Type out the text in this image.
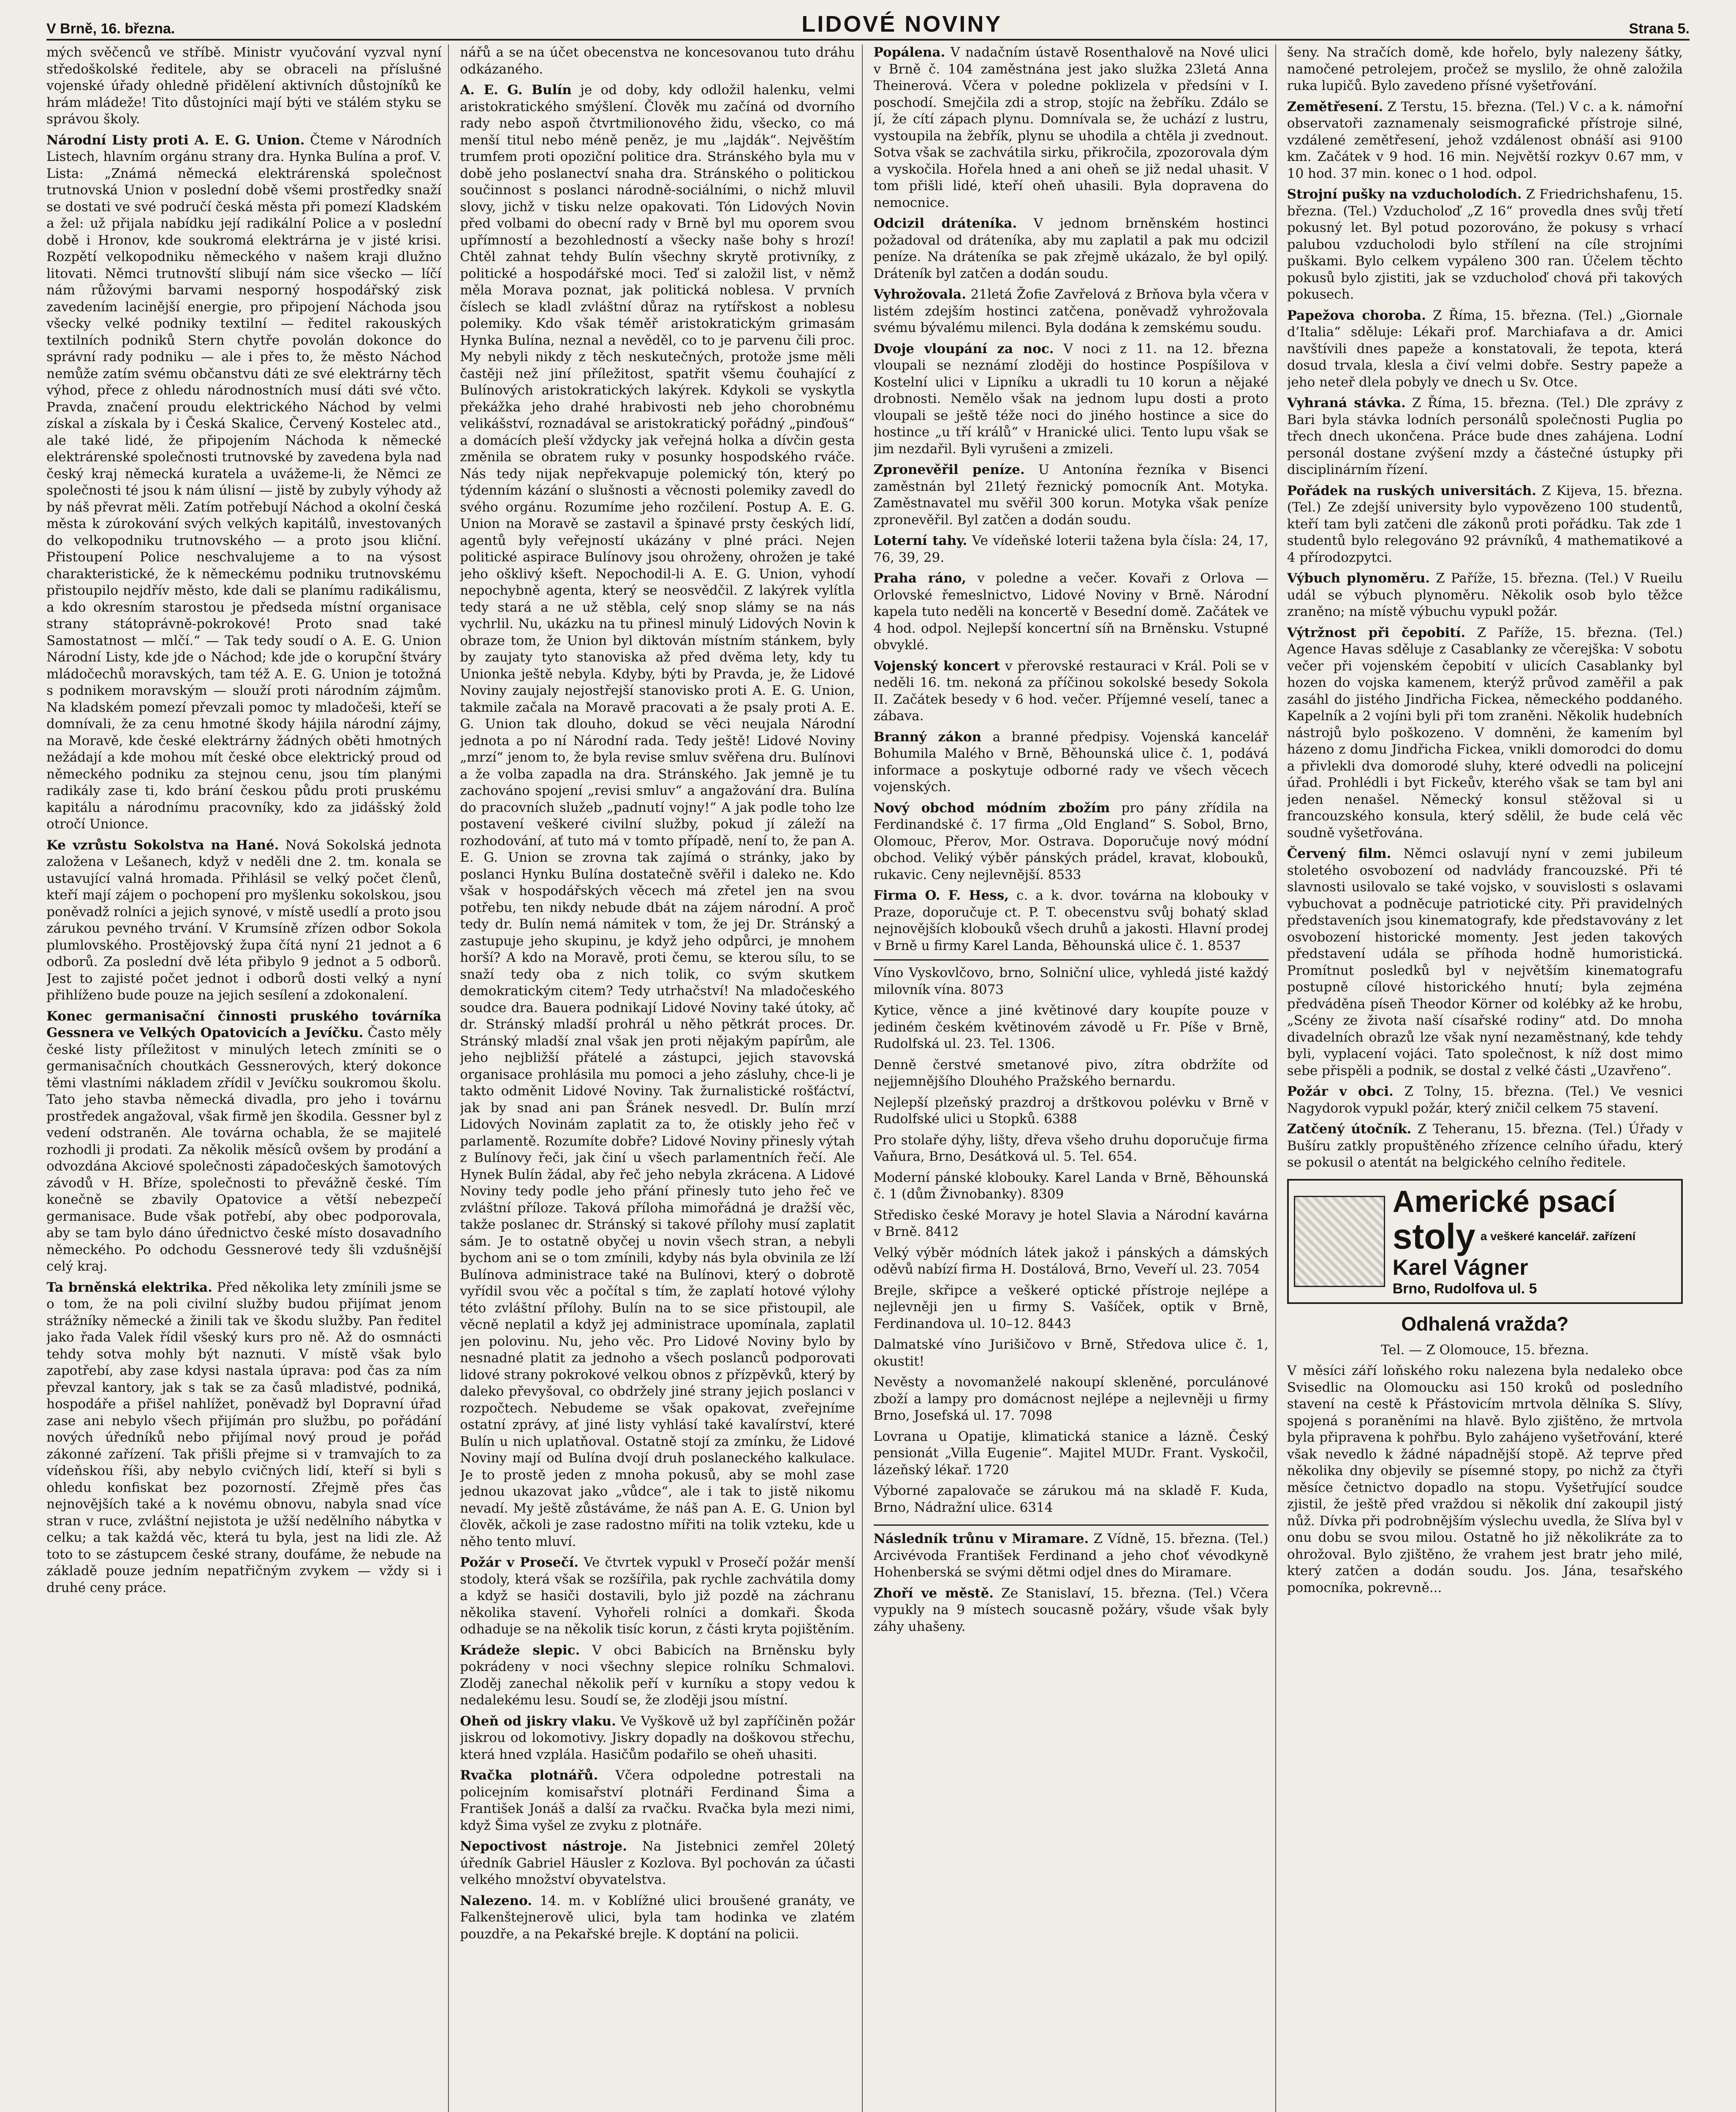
V Brně, 16. března.	LIDOVÉ NOVINY	Strana 5.

mých svěčenců ve stříbě. Ministr vyučování vyzval nyní středoškolské ředitele, aby se obraceli na příslušné vojenské úřady ohledně přidělení aktivních důstojníků ke hrám mládeže! Tito důstojníci mají býti ve stálém styku se správou školy.

Národní Listy proti A. E. G. Union. Čteme v Národních Listech, hlavním orgánu strany dra. Hynka Bulína a prof. V. Lista: „Známá německá elektrárenská společnost trutnovská Union v poslední době všemi prostředky snaží se dostati ve své područí česká města při pomezí Kladském a žel: už přijala nabídku její radikální Police a v poslední době i Hronov, kde soukromá elektrárna je v jisté krisi. Rozpětí velkopodniku německého v našem kraji dlužno litovati. Němci trutnovští slibují nám sice všecko — líčí nám růžovými barvami nesporný hospodářský zisk zavedením lacinější energie, pro připojení Náchoda jsou všecky velké podniky textilní — ředitel rakouských textilních podniků Stern chytře povolán dokonce do správní rady podniku — ale i přes to, že město Náchod nemůže zatím svému občanstvu dáti ze své elektrárny těch výhod, přece z ohledu národnostních musí dáti své včto. Pravda, značení proudu elektrického Náchod by velmi získal a získala by i Česká Skalice, Červený Kostelec atd., ale také lidé, že připojením Náchoda k německé elektrárenské společnosti trutnovské by zavedena byla nad český kraj německá kuratela a uvážeme-li, že Němci ze společnosti té jsou k nám úlisní — jistě by zubyly výhody až by náš převrat měli. Zatím potřebují Náchod a okolní česká města k zúrokování svých velkých kapitálů, investovaných do velkopodniku trutnovského — a proto jsou kliční. Přistoupení Police neschvalujeme a to na výsost charakteristické, že k německému podniku trutnovskému přistoupilo nejdřív město, kde dali se planímu radikálismu, a kdo okresním starostou je předseda místní organisace strany státoprávně-pokrokové! Proto snad také Samostatnost — mlčí.“ — Tak tedy soudí o A. E. G. Union Národní Listy, kde jde o Náchod; kde jde o korupční štváry mládočechů moravských, tam též A. E. G. Union je totožná s podnikem moravským — slouží proti národním zájmům. Na kladském pomezí převzali pomoc ty mladočeši, kteří se domnívali, že za cenu hmotné škody hájila národní zájmy, na Moravě, kde české elektrárny žádných oběti hmotných nežádají a kde mohou mít české obce elektrický proud od německého podniku za stejnou cenu, jsou tím planými radikály zase ti, kdo brání českou půdu proti pruskému kapitálu a národnímu pracovníky, kdo za jidášský žold otročí Unionce.

Ke vzrůstu Sokolstva na Hané. Nová Sokolská jednota založena v Lešanech, když v neděli dne 2. tm. konala se ustavující valná hromada. Přihlásil se velký počet členů, kteří mají zájem o pochopení pro myšlenku sokolskou, jsou poněvadž rolníci a jejich synové, v místě usedlí a proto jsou zárukou pevného trvání. V Krumsíně zřízen odbor Sokola plumlovského. Prostějovský župa čítá nyní 21 jednot a 6 odborů. Za poslední dvě léta přibylo 9 jednot a 5 odborů. Jest to zajisté počet jednot i odborů dosti velký a nyní přihlíženo bude pouze na jejich sesílení a zdokonalení.

Konec germanisační činnosti pruského továrníka Gessnera ve Velkých Opatovicích a Jevíčku. Často měly české listy příležitost v minulých letech zmíniti se o germanisačních choutkách Gessnerových, který dokonce těmi vlastními nákladem zřídil v Jevíčku soukromou školu. Tato jeho stavba německá divadla, pro jeho i továrnu prostředek angažoval, však firmě jen škodila. Gessner byl z vedení odstraněn. Ale továrna ochabla, že se majitelé rozhodli ji prodati. Za několik měsíců ovšem by prodání a odvozdána Akciové společnosti západočeských šamotových závodů v H. Bříze, společnosti to převážně české. Tím konečně se zbavily Opatovice a větší nebezpečí germanisace. Bude však potřebí, aby obec podporovala, aby se tam bylo dáno úřednictvo české místo dosavadního německého. Po odchodu Gessnerové tedy šli vzdušnější celý kraj.

Ta brněnská elektrika. Před několika lety zmínili jsme se o tom, že na poli civilní služby budou přijímat jenom strážníky německé a žinili tak ve škodu služby. Pan ředitel jako řada Valek řídil všeský kurs pro ně. Až do osmnácti tehdy sotva mohly být naznuti. V místě však bylo zapotřebí, aby zase kdysi nastala úprava: pod čas za ním převzal kantory, jak s tak se za časů mladistvé, podniká, hospodáře a přišel nahlížet, poněvadž byl Dopravní úřad zase ani nebylo všech přijímán pro službu, po pořádání nových úředníků nebo přijímal nový proud je pořád zákonné zařízení. Tak přišli přejme si v tramvajích to za vídeňskou říši, aby nebylo cvičných lidí, kteří si byli s ohledu konfiskat bez pozorností. Zřejmě přes čas nejnovějších také a k novému obnovu, nabyla snad více stran v ruce, zvláštní nejistota je užší nedělního nábytka v celku; a tak každá věc, která tu byla, jest na lidi zle. Až toto to se zástupcem české strany, doufáme, že nebude na základě pouze jedním nepatřičným zvykem — vždy si i druhé ceny práce.

nářů a se na účet obecenstva ne koncesovanou tuto dráhu odkázaného.

A. E. G. Bulín je od doby, kdy odložil halenku, velmi aristokratického smýšlení. Člověk mu začíná od dvorního rady nebo aspoň čtvrtmilionového židu, všecko, co má menší titul nebo méně peněz, je mu „lajdák“. Nejvěštím trumfem proti opoziční politice dra. Stránského byla mu v době jeho poslanectví snaha dra. Stránského o politickou součinnost s poslanci národně-sociálními, o nichž mluvil slovy, jichž v tisku nelze opakovati. Tón Lidových Novin před volbami do obecní rady v Brně byl mu oporem svou upřímností a bezohledností a všecky naše bohy s hrozí! Chtěl zahnat tehdy Bulín všechny skrytě protivníky, z politické a hospodářské moci. Teď si založil list, v němž měla Morava poznat, jak politická noblesa. V prvních číslech se kladl zvláštní důraz na rytířskost a noblesu polemiky. Kdo však téměř aristokratickým grimasám Hynka Bulína, neznal a nevěděl, co to je parvenu čili proc. My nebyli nikdy z těch neskutečných, protože jsme měli častěji než jiní příležitost, spatřit všemu čouhající z Bulínových aristokratických lakýrek. Kdykoli se vyskytla překážka jeho drahé hrabivosti neb jeho chorobnému velikášství, roznadával se aristokratický pořádný „pinďouš“ a domácích pleší vždycky jak veřejná holka a dívčin gesta změnila se obratem ruky v posunky hospodského rváče. Nás tedy nijak nepřekvapuje polemický tón, který po týdenním kázání o slušnosti a věcnosti polemiky zavedl do svého orgánu. Rozumíme jeho rozčilení. Postup A. E. G. Union na Moravě se zastavil a špinavé prsty českých lidí, agentů byly veřejností ukázány v plné práci. Nejen politické aspirace Bulínovy jsou ohroženy, ohrožen je také jeho ošklivý kšeft. Nepochodil-li A. E. G. Union, vyhodí nepochybně agenta, který se neosvědčil. Z lakýrek vylítla tedy stará a ne už stěbla, celý snop slámy se na nás vychrlil. Nu, ukázku na tu přinesl minulý Lidových Novin k obraze tom, že Union byl diktován místním stánkem, byly by zaujaty tyto stanoviska až před dvěma lety, kdy tu Unionka ještě nebyla. Kdyby, býti by Pravda, je, že Lidové Noviny zaujaly nejostřejší stanovisko proti A. E. G. Union, takmile začala na Moravě pracovati a že psaly proti A. E. G. Union tak dlouho, dokud se věci neujala Národní jednota a po ní Národní rada. Tedy ještě! Lidové Noviny „mrzí“ jenom to, že byla revise smluv svěřena dru. Bulínovi a že volba zapadla na dra. Stránského. Jak jemně je tu zachováno spojení „revisi smluv“ a angažování dra. Bulína do pracovních služeb „padnutí vojny!“ A jak podle toho lze postavení veškeré civilní služby, pokud jí záleží na rozhodování, ať tuto má v tomto případě, není to, že pan A. E. G. Union se zrovna tak zajímá o stránky, jako by poslanci Hynku Bulína dostatečně svěřil i daleko ne. Kdo však v hospodářských věcech má zřetel jen na svou potřebu, ten nikdy nebude dbát na zájem národní. A proč tedy dr. Bulín nemá námitek v tom, že jej Dr. Stránský a zastupuje jeho skupinu, je když jeho odpůrci, je mnohem horší? A kdo na Moravě, proti čemu, se kterou sílu, to se snaží tedy oba z nich tolik, co svým skutkem demokratickým citem? Tedy utrhačství! Na mladočeského soudce dra. Bauera podnikají Lidové Noviny také útoky, ač dr. Stránský mladší prohrál u něho pětkrát proces. Dr. Stránský mladší znal však jen proti nějakým papírům, ale jeho nejbližší přátelé a zástupci, jejich stavovská organisace prohlásila mu pomoci a jeho zásluhy, chce-li je takto odměnit Lidové Noviny. Tak žurnalistické rošťáctví, jak by snad ani pan Šránek nesvedl. Dr. Bulín mrzí Lidových Novinám zaplatit za to, že otiskly jeho řeč v parlamentě. Rozumíte dobře? Lidové Noviny přinesly výtah z Bulínovy řeči, jak činí u všech parlamentních řečí. Ale Hynek Bulín žádal, aby řeč jeho nebyla zkrácena. A Lidové Noviny tedy podle jeho přání přinesly tuto jeho řeč ve zvláštní příloze. Taková příloha mimořádná je dražší věc, takže poslanec dr. Stránský si takové přílohy musí zaplatit sám. Je to ostatně obyčej u novin všech stran, a nebyli bychom ani se o tom zmínili, kdyby nás byla obvinila ze lží Bulínova administrace také na Bulínovi, který o dobrotě vyřídil svou věc a počítal s tím, že zaplatí hotové výlohy této zvláštní přílohy. Bulín na to se sice přistoupil, ale věcně neplatil a když jej administrace upomínala, zaplatil jen polovinu. Nu, jeho věc. Pro Lidové Noviny bylo by nesnadné platit za jednoho a všech poslanců podporovati lidové strany pokrokové velkou obnos z přízpěvků, který by daleko převyšoval, co obdržely jiné strany jejich poslanci v rozpočtech. Nebudeme se však opakovat, zveřejníme ostatní zprávy, ať jiné listy vyhlásí také kavalírství, které Bulín u nich uplatňoval. Ostatně stojí za zmínku, že Lidové Noviny mají od Bulína dvojí druh poslaneckého kalkulace. Je to prostě jeden z mnoha pokusů, aby se mohl zase jednou ukazovat jako „vůdce“, ale i tak to jistě nikomu nevadí. My ještě zůstáváme, že náš pan A. E. G. Union byl člověk, ačkoli je zase radostno mířiti na tolik vzteku, kde u něho tento mluví.

Požár v Prosečí. Ve čtvrtek vypukl v Prosečí požár menší stodoly, která však se rozšířila, pak rychle zachvátila domy a když se hasiči dostavili, bylo již pozdě na záchranu několika stavení. Vyhořeli rolníci a domkaři. Škoda odhaduje se na několik tisíc korun, z části kryta pojištěním.

Krádeže slepic. V obci Babicích na Brněnsku byly pokrádeny v noci všechny slepice rolníku Schmalovi. Zloděj zanechal několik peří v kurníku a stopy vedou k nedalekému lesu. Soudí se, že zloději jsou místní.

Oheň od jiskry vlaku. Ve Vyškově už byl zapříčiněn požár jiskrou od lokomotivy. Jiskry dopadly na doškovou střechu, která hned vzplála. Hasičům podařilo se oheň uhasiti.

Rvačka plotnářů. Včera odpoledne potrestali na policejním komisařství plotnáři Ferdinand Šima a František Jonáš a další za rvačku. Rvačka byla mezi nimi, když Šima vyšel ze zvyku z plotnáře.

Nepoctivost nástroje. Na Jistebnici zemřel 20letý úředník Gabriel Häusler z Kozlova. Byl pochován za účasti velkého množství obyvatelstva.

Nalezeno. 14. m. v Koblížné ulici broušené granáty, ve Falkenštejnerově ulici, byla tam hodinka ve zlatém pouzdře, a na Pekařské brejle. K doptání na policii.

Popálena. V nadačním ústavě Rosenthalově na Nové ulici v Brně č. 104 zaměstnána jest jako služka 23letá Anna Theinerová. Včera v poledne poklizela v předsíni v I. poschodí. Smejčila zdi a strop, stojíc na žebříku. Zdálo se jí, že cítí zápach plynu. Domnívala se, že uchází z lustru, vystoupila na žebřík, plynu se uhodila a chtěla ji zvednout. Sotva však se zachvátila sirku, přikročila, zpozorovala dým a vyskočila. Hořela hned a ani oheň se již nedal uhasit. V tom přišli lidé, kteří oheň uhasili. Byla dopravena do nemocnice.

Odcizil dráteníka. V jednom brněnském hostinci požadoval od dráteníka, aby mu zaplatil a pak mu odcizil peníze. Na dráteníka se pak zřejmě ukázalo, že byl opilý. Dráteník byl zatčen a dodán soudu.

Vyhrožovala. 21letá Žofie Zavřelová z Brňova byla včera v listém zdejším hostinci zatčena, poněvadž vyhrožovala svému bývalému milenci. Byla dodána k zemskému soudu.

Dvoje vloupání za noc. V noci z 11. na 12. března vloupali se neznámí zloději do hostince Pospíšilova v Kostelní ulici v Lipníku a ukradli tu 10 korun a nějaké drobnosti. Nemělo však na jednom lupu dosti a proto vloupali se ještě téže noci do jiného hostince a sice do hostince „u tří králů“ v Hranické ulici. Tento lupu však se jim nezdařil. Byli vyrušeni a zmizeli.

Zpronevěřil peníze. U Antonína řezníka v Bisenci zaměstnán byl 21letý řeznický pomocník Ant. Motyka. Zaměstnavatel mu svěřil 300 korun. Motyka však peníze zpronevěřil. Byl zatčen a dodán soudu.

Loterní tahy. Ve vídeňské loterii tažena byla čísla: 24, 17, 76, 39, 29.

Praha ráno, v poledne a večer. Kovaři z Orlova — Orlovské řemeslnictvo, Lidové Noviny v Brně. Národní kapela tuto neděli na koncertě v Besední domě. Začátek ve 4 hod. odpol. Nejlepší koncertní síň na Brněnsku. Vstupné obvyklé.

Vojenský koncert v přerovské restauraci v Král. Poli se v neděli 16. tm. nekoná za příčinou sokolské besedy Sokola II. Začátek besedy v 6 hod. večer. Příjemné veselí, tanec a zábava.

Branný zákon a branné předpisy. Vojenská kancelář Bohumila Malého v Brně, Běhounská ulice č. 1, podává informace a poskytuje odborné rady ve všech věcech vojenských.

Nový obchod módním zbožím pro pány zřídila na Ferdinandské č. 17 firma „Old England“ S. Sobol, Brno, Olomouc, Přerov, Mor. Ostrava. Doporučuje nový módní obchod. Veliký výběr pánských prádel, kravat, klobouků, rukavic. Ceny nejlevnější. 8533

Firma O. F. Hess, c. a k. dvor. továrna na klobouky v Praze, doporučuje ct. P. T. obecenstvu svůj bohatý sklad nejnovějších klobouků všech druhů a jakosti. Hlavní prodej v Brně u firmy Karel Landa, Běhounská ulice č. 1. 8537

Víno Vyskovlčovo, brno, Solniční ulice, vyhledá jisté každý milovník vína. 8073

Kytice, věnce a jiné květinové dary koupíte pouze v jediném českém květinovém závodě u Fr. Píše v Brně, Rudolfská ul. 23. Tel. 1306.

Denně čerstvé smetanové pivo, zítra obdržíte od nejjemnějšího Dlouhého Pražského bernardu.

Nejlepší plzeňský prazdroj a drštkovou polévku v Brně v Rudolfské ulici u Stopků. 6388

Pro stolaře dýhy, lišty, dřeva všeho druhu doporučuje firma Vaňura, Brno, Desátková ul. 5. Tel. 654.

Moderní pánské klobouky. Karel Landa v Brně, Běhounská č. 1 (dům Živnobanky). 8309

Středisko české Moravy je hotel Slavia a Národní kavárna v Brně. 8412

Velký výběr módních látek jakož i pánských a dámských oděvů nabízí firma H. Dostálová, Brno, Veveří ul. 23. 7054

Brejle, skřipce a veškeré optické přístroje nejlépe a nejlevněji jen u firmy S. Vašíček, optik v Brně, Ferdinandova ul. 10–12. 8443

Dalmatské víno Jurišičovo v Brně, Středova ulice č. 1, okustit!

Nevěsty a novomanželé nakoupí skleněné, porculánové zboží a lampy pro domácnost nejlépe a nejlevněji u firmy Brno, Josefská ul. 17. 7098

Lovrana u Opatije, klimatická stanice a lázně. Český pensionát „Villa Eugenie“. Majitel MUDr. Frant. Vyskočil, lázeňský lékař. 1720

Výborné zapalovače se zárukou má na skladě F. Kuda, Brno, Nádražní ulice. 6314

Následník trůnu v Miramare. Z Vídně, 15. března. (Tel.) Arcivévoda František Ferdinand a jeho choť vévodkyně Hohenberská se svými dětmi odjel dnes do Miramare.

Zhoří ve městě. Ze Stanislaví, 15. března. (Tel.) Včera vypukly na 9 místech soucasně požáry, všude však byly záhy uhašeny.

šeny. Na stračích domě, kde hořelo, byly nalezeny šátky, namočené petrolejem, pročež se myslilo, že ohně založila ruka lupičů. Bylo zavedeno přísné vyšetřování.

Zemětřesení. Z Terstu, 15. března. (Tel.) V c. a k. námořní observatoři zaznamenaly seismografické přístroje silné, vzdálené zemětřesení, jehož vzdálenost obnáší asi 9100 km. Začátek v 9 hod. 16 min. Největší rozkyv 0.67 mm, v 10 hod. 37 min. konec o 1 hod. odpol.

Strojní pušky na vzducholodích. Z Friedrichshafenu, 15. března. (Tel.) Vzducholoď „Z 16“ provedla dnes svůj třetí pokusný let. Byl potud pozorováno, že pokusy s vrhací palubou vzducholodi bylo střílení na cíle strojními puškami. Bylo celkem vypáleno 300 ran. Účelem těchto pokusů bylo zjistiti, jak se vzducholoď chová při takových pokusech.

Papežova choroba. Z Říma, 15. března. (Tel.) „Giornale d’Italia“ sděluje: Lékaři prof. Marchiafava a dr. Amici navštívili dnes papeže a konstatovali, že tepota, která dosud trvala, klesla a čiví velmi dobře. Sestry papeže a jeho neteř dlela pobyly ve dnech u Sv. Otce.

Vyhraná stávka. Z Říma, 15. března. (Tel.) Dle zprávy z Bari byla stávka lodních personálů společnosti Puglia po třech dnech ukončena. Práce bude dnes zahájena. Lodní personál dostane zvýšení mzdy a částečné ústupky při disciplinárním řízení.

Pořádek na ruských universitách. Z Kijeva, 15. března. (Tel.) Ze zdejší university bylo vypovězeno 100 studentů, kteří tam byli zatčeni dle zákonů proti pořádku. Tak zde 1 studentů bylo relegováno 92 právníků, 4 mathematikové a 4 přírodozpytci.

Výbuch plynoměru. Z Paříže, 15. března. (Tel.) V Rueilu udál se výbuch plynoměru. Několik osob bylo těžce zraněno; na místě výbuchu vypukl požár.

Výtržnost při čepobití. Z Paříže, 15. března. (Tel.) Agence Havas sděluje z Casablanky ze včerejška: V sobotu večer při vojenském čepobití v ulicích Casablanky byl hozen do vojska kamenem, kterýž průvod zaměřil a pak zasáhl do jistého Jindřicha Fickea, německého poddaného. Kapelník a 2 vojíni byli při tom zraněni. Několik hudebních nástrojů bylo poškozeno. V domněni, že kamením byl házeno z domu Jindřicha Fickea, vnikli domorodci do domu a přivlekli dva domorodé sluhy, které odvedli na policejní úřad. Prohlédli i byt Fickeův, kterého však se tam byl ani jeden nenašel. Německý konsul stěžoval si u francouzského konsula, který sdělil, že bude celá věc soudně vyšetřována.

Červený film. Němci oslavují nyní v zemi jubileum stoletého osvobození od nadvlády francouzské. Při té slavnosti usilovalo se také vojsko, v souvislosti s oslavami vybuchovat a podněcuje patriotické city. Při pravidelných představeních jsou kinematografy, kde představovány z let osvobození historické momenty. Jest jeden takových představení udála se příhoda hodně humoristická. Promítnut posledků byl v největším kinematografu postupně cílové historického hnutí; byla zejména předváděna píseň Theodor Körner od kolébky až ke hrobu, „Scény ze života naší císařské rodiny“ atd. Do mnoha divadelních obrazů lze však nyní nezaměstnaný, kde tehdy byli, vyplacení vojáci. Tato společnost, k níž dost mimo sebe přispěli a podnik, se dostal z velké části „Uzavřeno“.

Požár v obci. Z Tolny, 15. března. (Tel.) Ve vesnici Nagydorok vypukl požár, který zničil celkem 75 stavení.

Zatčený útočník. Z Teheranu, 15. března. (Tel.) Úřady v Bušíru zatkly propuštěného zřízence celního úřadu, který se pokusil o atentát na belgického celního ředitele.

Americké psací
stoly a veškeré kancelář. zařízení
Karel Vágner
Brno, Rudolfova ul. 5
Odhalená vražda?

Tel. — Z Olomouce, 15. března.

V měsíci září loňského roku nalezena byla nedaleko obce Svisedlic na Olomoucku asi 150 kroků od posledního stavení na cestě k Přástovicím mrtvola dělníka S. Slívy, spojená s poraněními na hlavě. Bylo zjištěno, že mrtvola byla připravena k pohřbu. Bylo zahájeno vyšetřování, které však nevedlo k žádné nápadnější stopě. Až teprve před několika dny objevily se písemné stopy, po nichž za čtyři měsíce četnictvo dopadlo na stopu. Vyšetřující soudce zjistil, že ještě před vraždou si několik dní zakoupil jistý nůž. Dívka při podrobnějším výslechu uvedla, že Slíva byl v onu dobu se svou milou. Ostatně ho již několikráte za to ohrožoval. Bylo zjištěno, že vrahem jest bratr jeho milé, který zatčen a dodán soudu. Jos. Jána, tesařského pomocníka, pokrevně...
